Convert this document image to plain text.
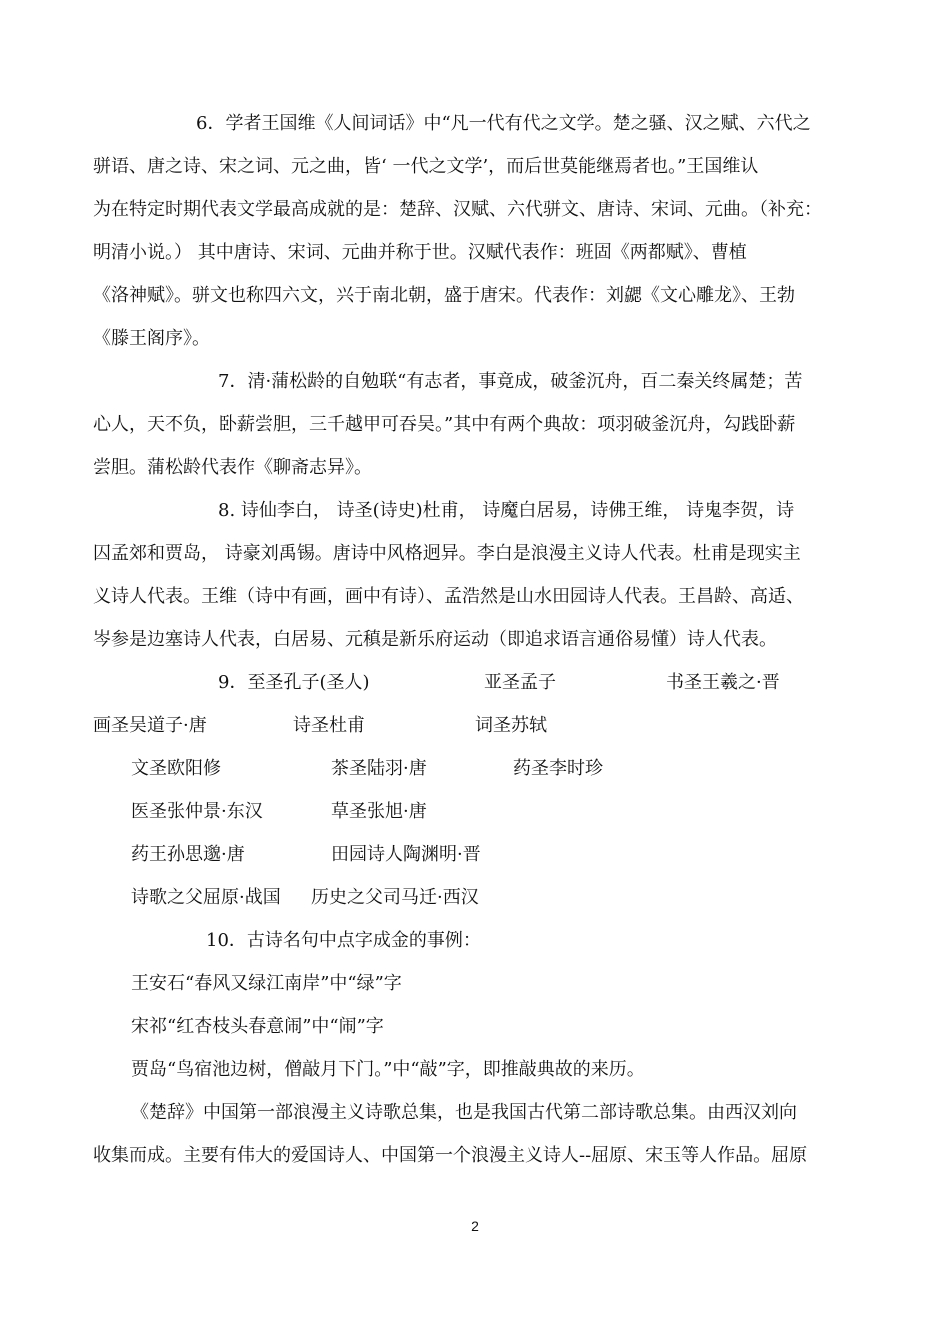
6．学者王国维《人间词话》中“凡一代有代之文学。楚之骚、汉之赋、六代之
骈语、唐之诗、宋之词、元之曲，皆‘ 一代之文学’，而后世莫能继焉者也。”王国维认
为在特定时期代表文学最高成就的是：楚辞、汉赋、六代骈文、唐诗、宋词、元曲。（补充：
明清小说。） 其中唐诗、宋词、元曲并称于世。汉赋代表作：班固《两都赋》、曹植
《洛神赋》。骈文也称四六文，兴于南北朝，盛于唐宋。代表作：刘勰《文心雕龙》、王勃
《滕王阁序》。
7．清·蒲松龄的自勉联“有志者，事竟成，破釜沉舟，百二秦关终属楚；苦
心人，天不负，卧薪尝胆，三千越甲可吞吴。”其中有两个典故：项羽破釜沉舟，勾践卧薪
尝胆。蒲松龄代表作《聊斋志异》。
8. 诗仙李白， 诗圣(诗史)杜甫， 诗魔白居易，诗佛王维， 诗鬼李贺，诗
囚孟郊和贾岛， 诗豪刘禹锡。唐诗中风格迥异。李白是浪漫主义诗人代表。杜甫是现实主
义诗人代表。王维（诗中有画，画中有诗）、孟浩然是山水田园诗人代表。王昌龄、高适、
岑参是边塞诗人代表，白居易、元稹是新乐府运动（即追求语言通俗易懂）诗人代表。
9．至圣孔子(圣人)	亚圣孟子	书圣王羲之·晋
画圣吴道子·唐	诗圣杜甫	词圣苏轼
文圣欧阳修	茶圣陆羽·唐	药圣李时珍
医圣张仲景·东汉	草圣张旭·唐
药王孙思邈·唐	田园诗人陶渊明·晋
诗歌之父屈原·战国 历史之父司马迁·西汉
10．古诗名句中点字成金的事例：
王安石“春风又绿江南岸”中“绿”字
宋祁“红杏枝头春意闹”中“闹”字
贾岛“鸟宿池边树，僧敲月下门。”中“敲”字，即推敲典故的来历。
《楚辞》中国第一部浪漫主义诗歌总集，也是我国古代第二部诗歌总集。由西汉刘向
收集而成。主要有伟大的爱国诗人、中国第一个浪漫主义诗人--屈原、宋玉等人作品。屈原
2
